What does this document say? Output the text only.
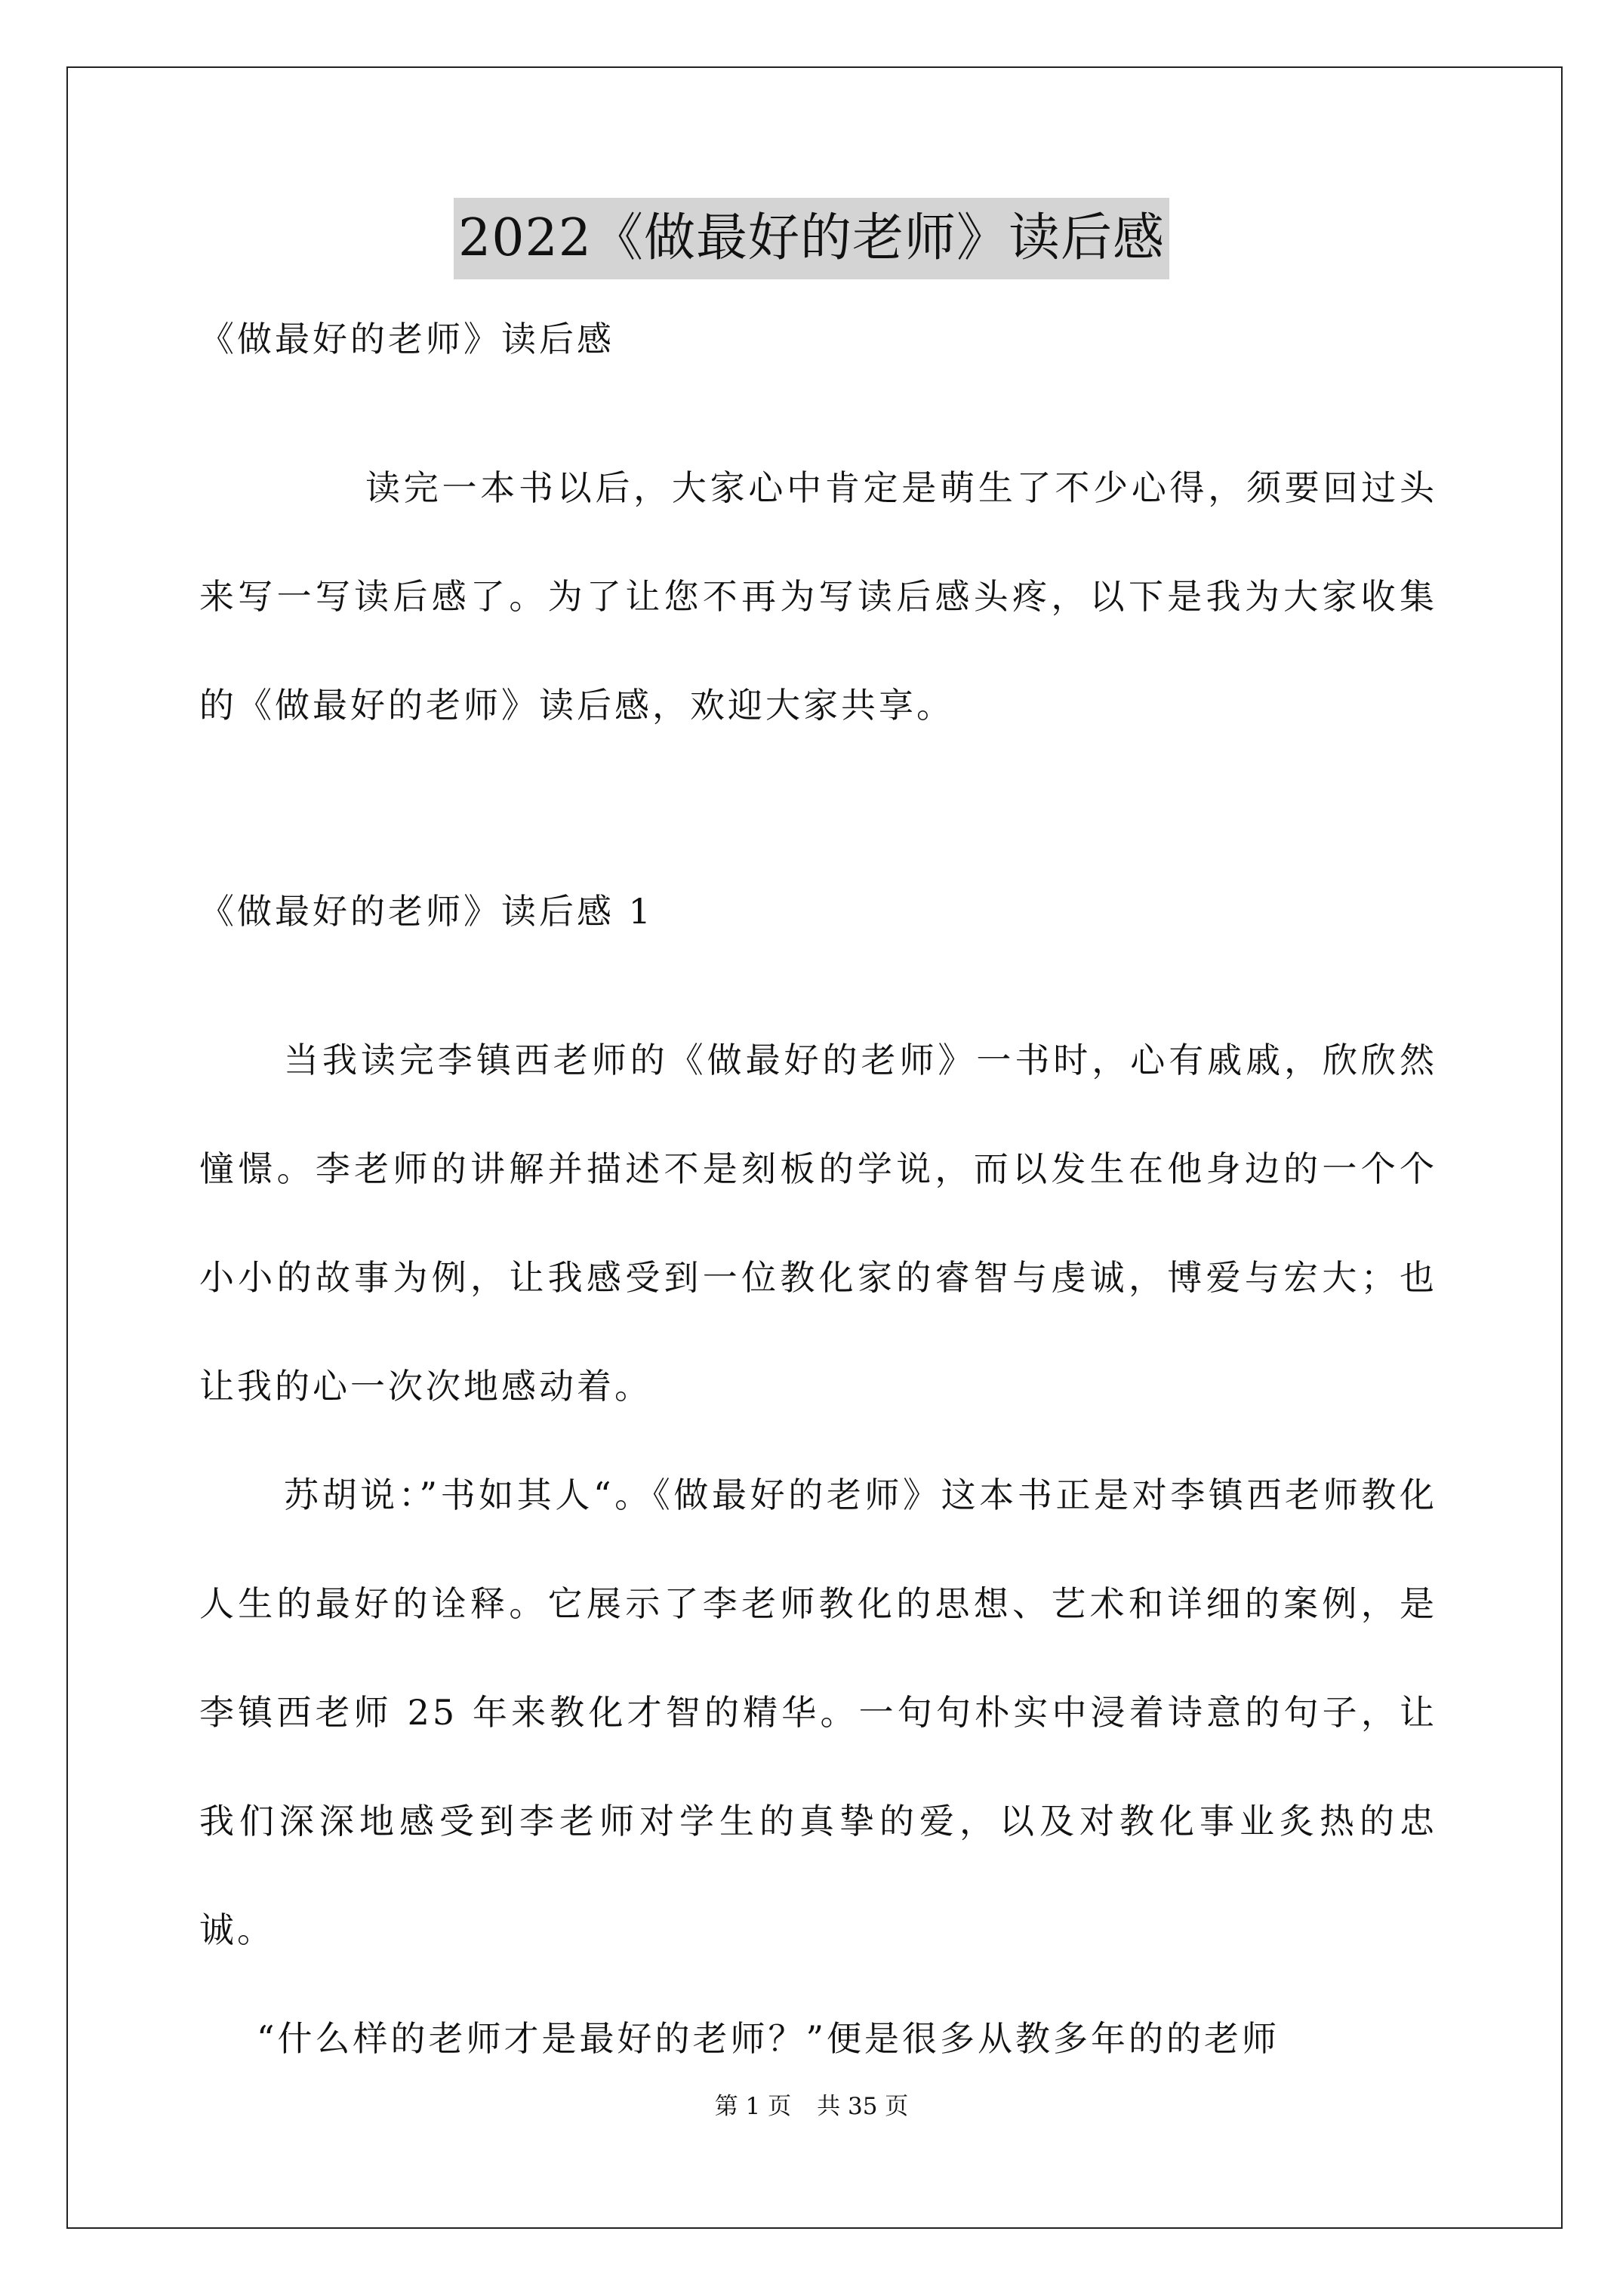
2022《做最好的老师》读后感
《做最好的老师》读后感

读完一本书以后，大家心中肯定是萌生了不少心得，须要回过头来写一写读后感了。为了让您不再为写读后感头疼，以下是我为大家收集的《做最好的老师》读后感，欢迎大家共享。

《做最好的老师》读后感 1

当我读完李镇西老师的《做最好的老师》一书时，心有戚戚，欣欣然憧憬。李老师的讲解并描述不是刻板的学说，而以发生在他身边的一个个小小的故事为例，让我感受到一位教化家的睿智与虔诚，博爱与宏大；也让我的心一次次地感动着。

苏胡说：”书如其人“。《做最好的老师》这本书正是对李镇西老师教化人生的最好的诠释。它展示了李老师教化的思想、艺术和详细的案例，是李镇西老师 25 年来教化才智的精华。一句句朴实中浸着诗意的句子，让我们深深地感受到李老师对学生的真挚的爱，以及对教化事业炙热的忠诚。

“什么样的老师才是最好的老师？”便是很多从教多年的的老师

第 1 页 共 35 页
